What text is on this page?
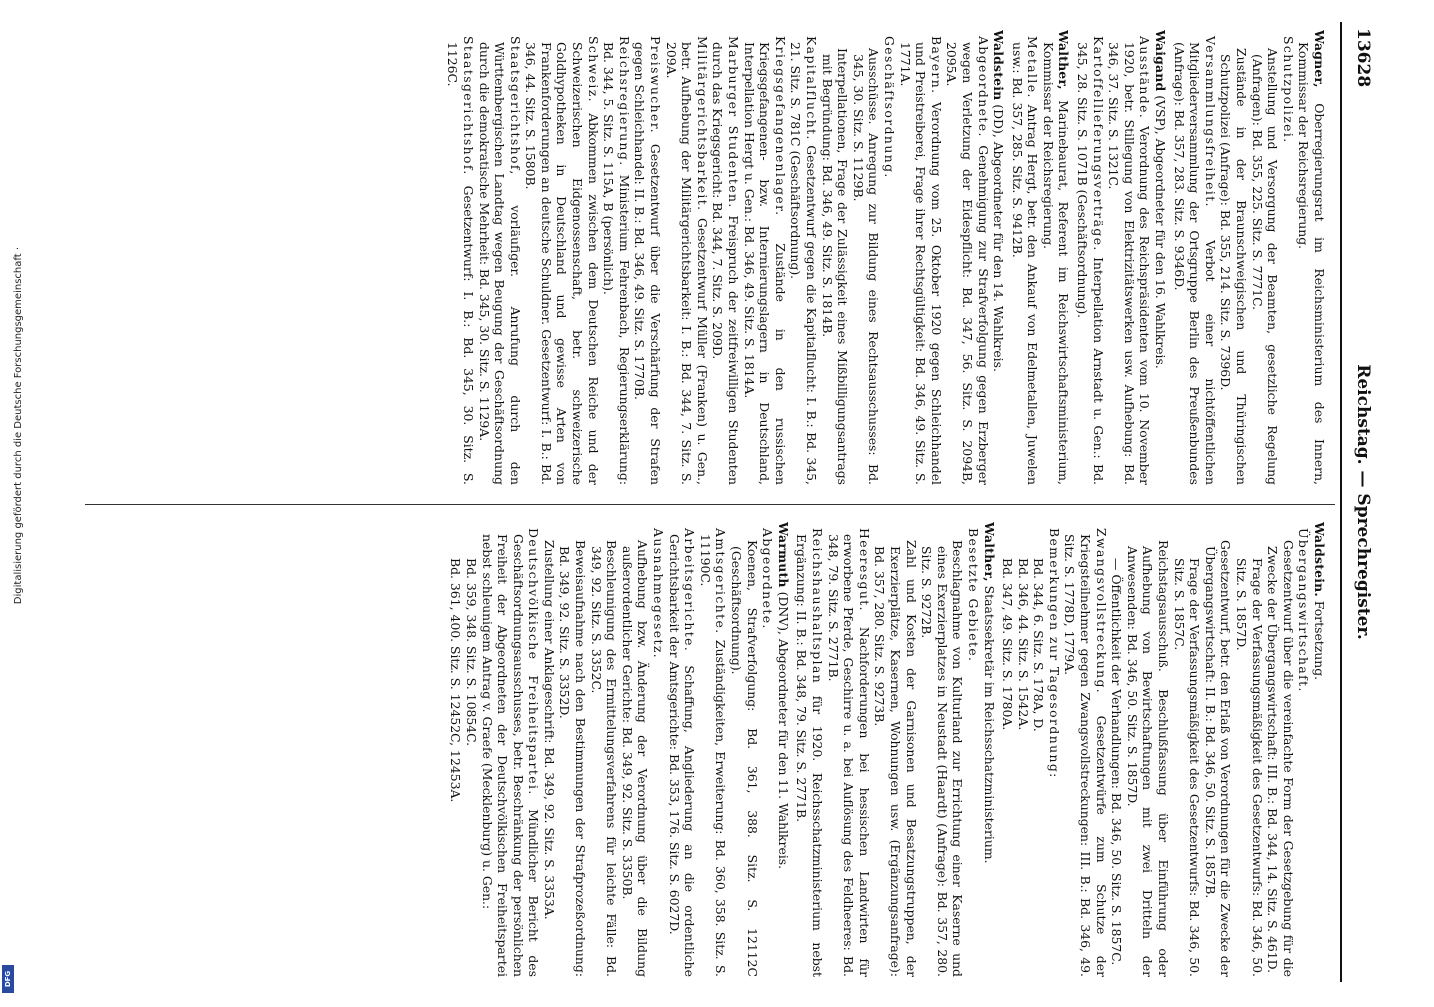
13628
Reichstag. — Sprechregister.

Wagner, Oberregierungsrat im Reichsministerium des Innern, Kommissar der Reichsregierung.

Schutzpolizei.

Anstellung und Versorgung der Beamten, gesetzliche Regelung (Anfragen): Bd. 355, 225. Sitz. S. 7771C.

Zustände in der Braunschweigischen und Thüringischen Schutzpolizei (Anfrage): Bd. 355, 214. Sitz. S. 7396D.

Versammlungsfreiheit. Verbot einer nichtöffentlichen Mitgliederversammlung der Ortsgruppe Berlin des Preußenbundes (Anfrage): Bd. 357, 283. Sitz. S. 9346D.

Waigand (VSP), Abgeordneter für den 16. Wahlkreis.

Ausstände. Verordnung des Reichspräsidenten vom 10. November 1920, betr. Stillegung von Elektrizitätswerken usw. Aufhebung: Bd. 346, 37. Sitz. S. 1321C.

Kartoffellieferungsverträge. Interpellation Arnstadt u. Gen.: Bd. 345, 28. Sitz. S. 1071B (Geschäftsordnung).

Walther, Marinebaurat, Referent im Reichswirtschaftsministerium, Kommissar der Reichsregierung.

Metalle. Antrag Hergt, betr. den Ankauf von Edelmetallen, Juwelen usw.: Bd. 357, 285. Sitz. S. 9412B.

Waldstein (DD), Abgeordneter für den 14. Wahlkreis.

Abgeordnete. Genehmigung zur Strafverfolgung gegen Erzberger wegen Verletzung der Eidespflicht: Bd. 347, 56. Sitz. S. 2094B, 2095A.

Bayern. Verordnung vom 25. Oktober 1920 gegen Schleichhandel und Preistreiberei, Frage ihrer Rechtsgültigkeit: Bd. 346, 49. Sitz. S. 1771A.

Geschäftsordnung.

Ausschüsse. Anregung zur Bildung eines Rechtsausschusses: Bd. 345, 30. Sitz. S. 1129B.

Interpellationen, Frage der Zulässigkeit eines Mißbilligungsantrags mit Begründung: Bd. 346, 49. Sitz. S. 1814B.

Kapitalflucht. Gesetzentwurf gegen die Kapitalflucht: I. B.: Bd. 345, 21. Sitz. S. 781C (Geschäftsordnung).

Kriegsgefangenenlager. Zustände in den russischen Kriegsgefangenen- bzw. Internierungslagern in Deutschland, Interpellation Hergt u. Gen.: Bd. 346, 49. Sitz. S. 1814A.

Marburger Studenten. Freispruch der zeitfreiwilligen Studenten durch das Kriegsgericht: Bd. 344, 7. Sitz. S. 209D.

Militärgerichtsbarkeit. Gesetzentwurf Müller (Franken) u. Gen., betr. Aufhebung der Militärgerichtsbarkeit: I. B.: Bd. 344, 7. Sitz. S. 209A.

Preiswucher. Gesetzentwurf über die Verschärfung der Strafen gegen Schleichhandel: II. B.: Bd. 346, 49. Sitz. S. 1770B.

Reichsregierung. Ministerium Fehrenbach, Regierungserklärung: Bd. 344, 5. Sitz. S. 115A, B (persönlich).

Schweiz. Abkommen zwischen dem Deutschen Reiche und der Schweizerischen Eidgenossenschaft, betr. schweizerische Goldhypotheken in Deutschland und gewisse Arten von Frankenforderungen an deutsche Schuldner. Gesetzentwurf: I. B.: Bd. 346, 44. Sitz. S. 1580B.

Staatsgerichtshof, vorläufiger. Anrufung durch den Württembergischen Landtag wegen Beugung der Geschäftsordnung durch die demokratische Mehrheit: Bd. 345, 30. Sitz. S. 1129A.

Staatsgerichtshof. Gesetzentwurf: I. B.: Bd. 345, 30. Sitz. S. 1126C.

Waldstein. Fortsetzung.

Übergangswirtschaft.

Gesetzentwurf über die vereinfachte Form der Gesetzgebung für die Zwecke der Übergangswirtschaft: III. B.: Bd. 344, 14. Sitz. S. 461D.

Frage der Verfassungsmäßigkeit des Gesetzentwurfs: Bd. 346, 50. Sitz. S. 1857D.

Gesetzentwurf, betr. den Erlaß von Verordnungen für die Zwecke der Übergangswirtschaft: II. B.: Bd. 346, 50. Sitz. S. 1857B.

Frage der Verfassungsmäßigkeit des Gesetzentwurfs: Bd. 346, 50. Sitz. S. 1857C.

Reichstagsausschuß. Beschlußfassung über Einführung oder Aufhebung von Bewirtschaftungen mit zwei Dritteln der Anwesenden: Bd. 346, 50. Sitz. S. 1857D.

— Öffentlichkeit der Verhandlungen: Bd. 346, 50. Sitz. S. 1857C.

Zwangsvollstreckung. Gesetzentwürfe zum Schutze der Kriegsteilnehmer gegen Zwangsvollstreckungen: III. B.: Bd. 346, 49. Sitz. S. 1778D, 1779A.

Bemerkungen zur Tagesordnung:

Bd. 344, 6. Sitz. S. 178A, D.

Bd. 346, 44. Sitz. S. 1542A.

Bd. 347, 49. Sitz. S. 1780A.

Walther, Staatssekretär im Reichsschatzministerium.

Besetzte Gebiete.

Beschlagnahme von Kulturland zur Errichtung einer Kaserne und eines Exerzierplatzes in Neustadt (Haardt) (Anfrage): Bd. 357, 280. Sitz. S. 9272B.

Zahl und Kosten der Garnisonen und Besatzungstruppen, der Exerzierplätze, Kasernen, Wohnungen usw. (Ergänzungsanfrage): Bd. 357, 280. Sitz. S. 9273B.

Heeresgut. Nachforderungen bei hessischen Landwirten für erworbene Pferde, Geschirre u. a. bei Auflösung des Feldheeres: Bd. 348, 79. Sitz. S. 2771B.

Reichshaushaltsplan für 1920. Reichsschatzministerium nebst Ergänzung: II. B.: Bd. 348, 79. Sitz. S. 2771B.

Warmuth (DNV), Abgeordneter für den 11. Wahlkreis.

Abgeordnete.

Koenen, Strafverfolgung: Bd. 361, 388. Sitz. S. 12112C (Geschäftsordnung).

Amtsgerichte. Zuständigkeiten, Erweiterung: Bd. 360, 358. Sitz. S. 11190C.

Arbeitsgerichte. Schaffung, Angliederung an die ordentliche Gerichtsbarkeit der Amtsgerichte: Bd. 353, 176. Sitz. S. 6027D.

Ausnahmegesetz.

Aufhebung bzw. Änderung der Verordnung über die Bildung außerordentlicher Gerichte: Bd. 349, 92. Sitz. S. 3350B.

Beschleunigung des Ermittelungsverfahrens für leichte Fälle: Bd. 349, 92. Sitz. S. 3352C.

Beweisaufnahme nach den Bestimmungen der Strafprozeßordnung: Bd. 349, 92. Sitz. S. 3352D.

Zustellung einer Anklageschrift: Bd. 349, 92. Sitz. S. 3353A.

Deutschvölkische Freiheitspartei. Mündlicher Bericht des Geschäftsordnungsausschusses, betr. Beschränkung der persönlichen Freiheit der Abgeordneten der Deutschvölkischen Freiheitspartei nebst schleunigem Antrag v. Graefe (Mecklenburg) u. Gen.:

Bd. 359, 348. Sitz. S. 10854C.

Bd. 361, 400. Sitz. S. 12452C, 12453A.

Digitalisierung gefördert durch die Deutsche Forschungsgemeinschaft ·
DFG
